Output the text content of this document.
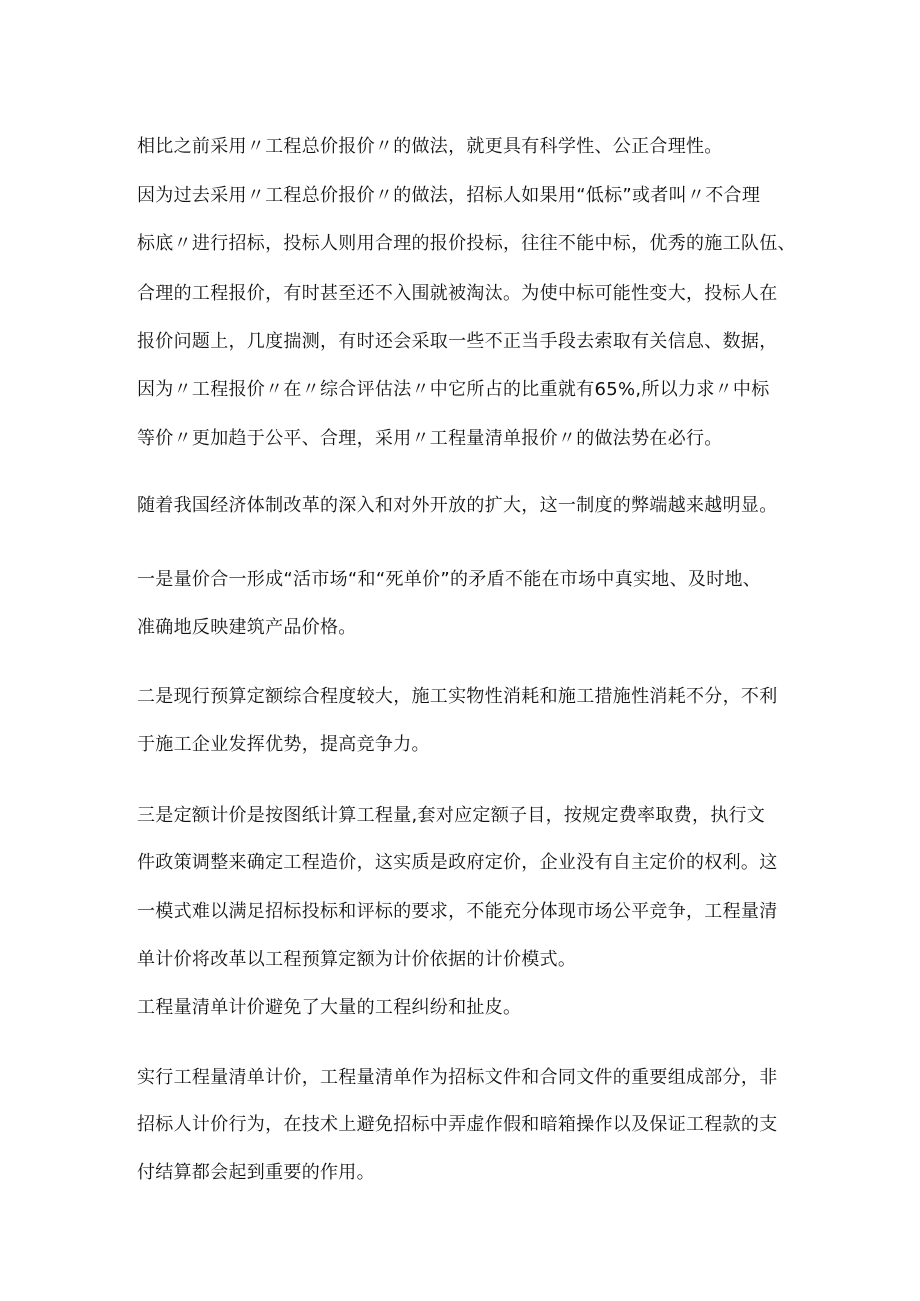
相比之前采用〃工程总价报价〃的做法，就更具有科学性、公正合理性。

因为过去采用〃工程总价报价〃的做法，招标人如果用“低标”或者叫〃不合理

标底〃进行招标，投标人则用合理的报价投标，往往不能中标，优秀的施工队伍、

合理的工程报价，有时甚至还不入围就被淘汰。为使中标可能性变大，投标人在

报价问题上，几度揣测，有时还会采取一些不正当手段去索取有关信息、数据，

因为〃工程报价〃在〃综合评估法〃中它所占的比重就有65%,所以力求〃中标

等价〃更加趋于公平、合理，采用〃工程量清单报价〃的做法势在必行。

随着我国经济体制改革的深入和对外开放的扩大，这一制度的弊端越来越明显。

一是量价合一形成“活市场“和“死单价”的矛盾不能在市场中真实地、及时地、

准确地反映建筑产品价格。

二是现行预算定额综合程度较大，施工实物性消耗和施工措施性消耗不分，不利

于施工企业发挥优势，提高竞争力。

三是定额计价是按图纸计算工程量,套对应定额子目，按规定费率取费，执行文

件政策调整来确定工程造价，这实质是政府定价，企业没有自主定价的权利。这

一模式难以满足招标投标和评标的要求，不能充分体现市场公平竞争，工程量清

单计价将改革以工程预算定额为计价依据的计价模式。

工程量清单计价避免了大量的工程纠纷和扯皮。

实行工程量清单计价，工程量清单作为招标文件和合同文件的重要组成部分，非

招标人计价行为，在技术上避免招标中弄虚作假和暗箱操作以及保证工程款的支

付结算都会起到重要的作用。
